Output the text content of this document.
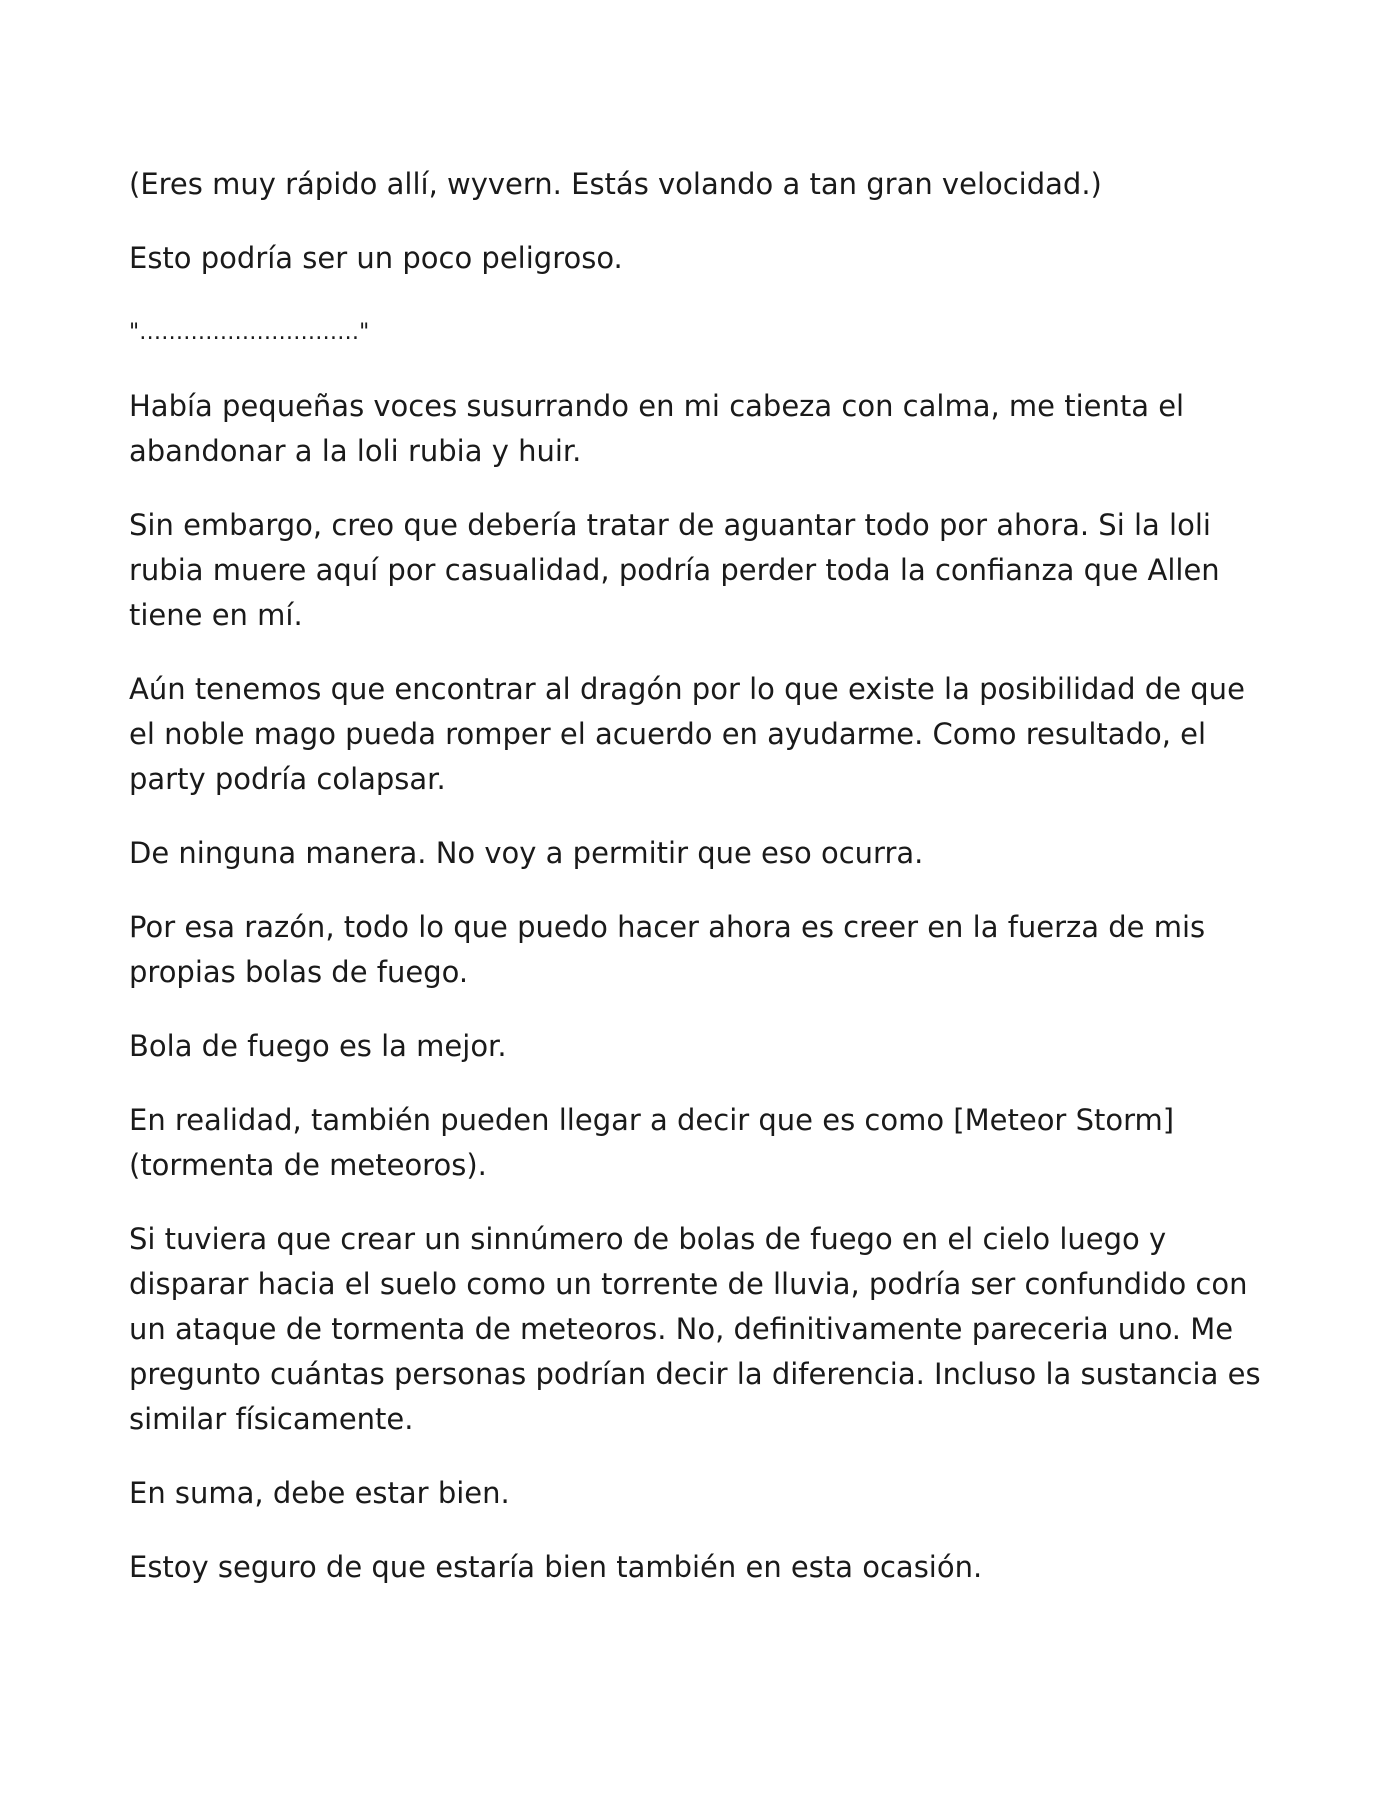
(Eres muy rápido allí, wyvern. Estás volando a tan gran velocidad.)

Esto podría ser un poco peligroso.

"…………………………"

Había pequeñas voces susurrando en mi cabeza con calma, me tienta el
abandonar a la loli rubia y huir.

Sin embargo, creo que debería tratar de aguantar todo por ahora. Si la loli
rubia muere aquí por casualidad, podría perder toda la confianza que Allen
tiene en mí.

Aún tenemos que encontrar al dragón por lo que existe la posibilidad de que
el noble mago pueda romper el acuerdo en ayudarme. Como resultado, el
party podría colapsar.

De ninguna manera. No voy a permitir que eso ocurra.

Por esa razón, todo lo que puedo hacer ahora es creer en la fuerza de mis
propias bolas de fuego.

Bola de fuego es la mejor.

En realidad, también pueden llegar a decir que es como [Meteor Storm]
(tormenta de meteoros).

Si tuviera que crear un sinnúmero de bolas de fuego en el cielo luego y
disparar hacia el suelo como un torrente de lluvia, podría ser confundido con
un ataque de tormenta de meteoros. No, definitivamente pareceria uno. Me
pregunto cuántas personas podrían decir la diferencia. Incluso la sustancia es
similar físicamente.

En suma, debe estar bien.

Estoy seguro de que estaría bien también en esta ocasión.
